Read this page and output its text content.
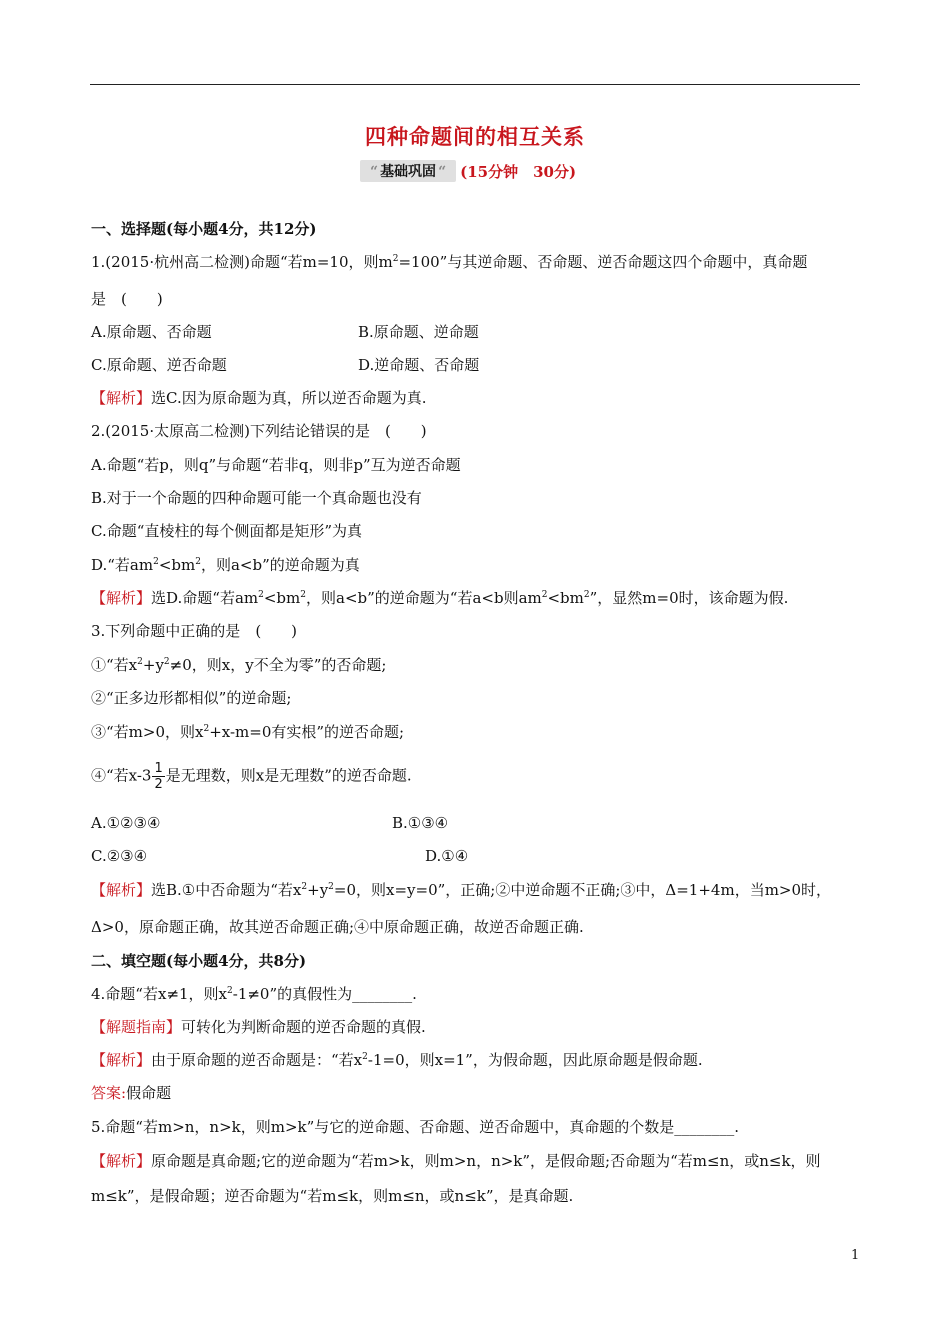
四种命题间的相互关系
“ 基础巩固 “	(15分钟　30分)
一、选择题(每小题4分，共12分)
1.(2015·杭州高二检测)命题“若m=10，则$m^2=100$”与其逆命题、否命题、逆否命题这四个命题中，真命题
是　(　　)
A.原命题、否命题	B.原命题、逆命题
C.原命题、逆否命题	D.逆命题、否命题
【解析】选C.因为原命题为真，所以逆否命题为真.
2.(2015·太原高二检测)下列结论错误的是　(　　)
A.命题“若p，则q”与命题“若非q，则非p”互为逆否命题
B.对于一个命题的四种命题可能一个真命题也没有
C.命题“直棱柱的每个侧面都是矩形”为真
D.“若$am^2<bm^2$，则a<b”的逆命题为真
【解析】选D.命题“若$am^2<bm^2$，则a<b”的逆命题为“若a<b则$am^2<bm^2$”，显然m=0时，该命题为假.
3.下列命题中正确的是　(　　)
①“若$x^2+y^2\ne 0$，则x，y不全为零”的否命题;
②“正多边形都相似”的逆命题;
③“若m>0，则$x^2+x-m=0$有实根”的逆否命题;
④“若$x-3 \frac{1}{2}$ 是无理数，则x是无理数”的逆否命题.
A.①②③④	B.①③④
C.②③④	D.①④
【解析】选B.①中否命题为“若$x^2+y^2=0$，则x=y=0”，正确;②中逆命题不正确;③中，Δ=1+4m，当m>0时，
Δ>0，原命题正确，故其逆否命题正确;④中原命题正确，故逆否命题正确.
二、填空题(每小题4分，共8分)
4.命题“若x≠1，则$x^2-1\ne 0$”的真假性为________.
【解题指南】可转化为判断命题的逆否命题的真假.
【解析】由于原命题的逆否命题是：“若$x^2-1=0$，则x=1”，为假命题，因此原命题是假命题.
答案:假命题
5.命题“若m>n，n>k，则m>k”与它的逆命题、否命题、逆否命题中，真命题的个数是________.
【解析】原命题是真命题;它的逆命题为“若m>k，则m>n，n>k”，是假命题;否命题为“若m≤n，或n≤k，则
m≤k”，是假命题；逆否命题为“若m≤k，则m≤n，或n≤k”，是真命题.
1
